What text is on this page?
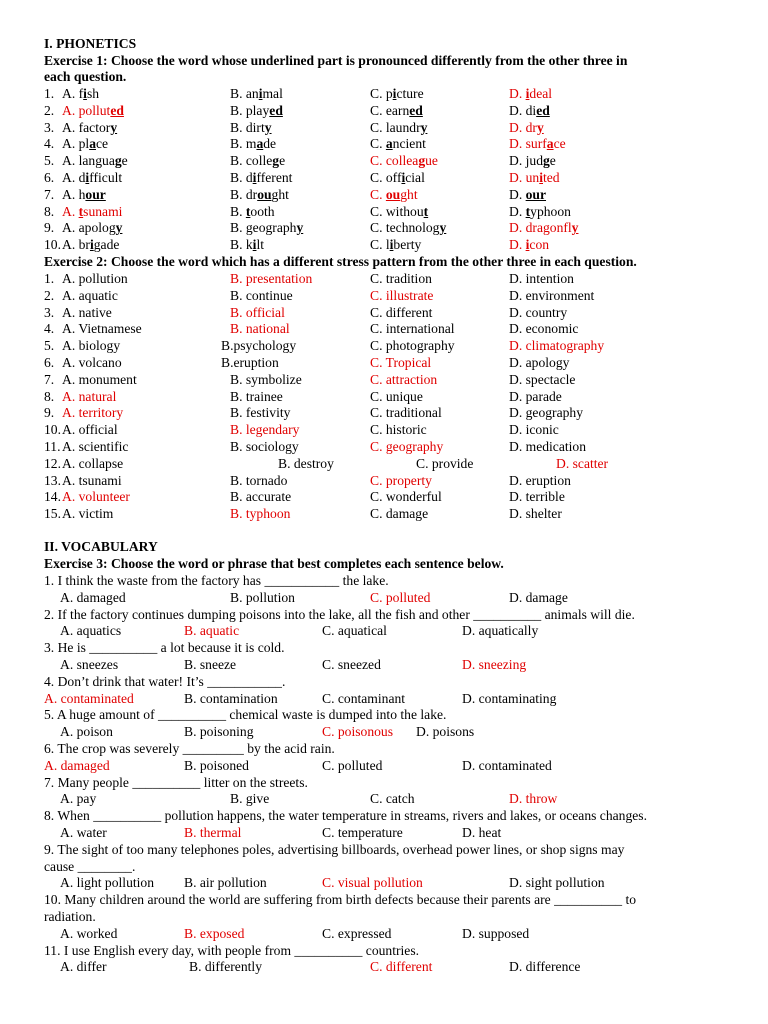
I. PHONETICS
Exercise 1: Choose the word whose underlined part is pronounced differently from the other three in
each question.
1. A. fish	B. animal	C. picture	D. ideal
2. A. polluted	B. played	C. earned	D. died
3. A. factory	B. dirty	C. laundry	D. dry
4. A. place	B. made	C. ancient	D. surface
5. A. language	B. college	C. colleague	D. judge
6. A. difficult	B. different	C. official	D. united
7. A. hour	B. drought	C. ought	D. our
8. A. tsunami	B. tooth	C. without	D. typhoon
9. A. apology	B. geography	C. technology	D. dragonfly
10. A. brigade	B. kilt	C. liberty	D. icon
Exercise 2: Choose the word which has a different stress pattern from the other three in each question.
1. A. pollution	B. presentation	C. tradition	D. intention
2. A. aquatic	B. continue	C. illustrate	D. environment
3. A. native	B. official	C. different	D. country
4. A. Vietnamese	B. national	C. international	D. economic
5. A. biology	B.psychology	C. photography	D. climatography
6. A. volcano	B.eruption	C. Tropical	D. apology
7. A. monument	B. symbolize	C. attraction	D. spectacle
8. A. natural	B. trainee	C. unique	D. parade
9. A. territory	B. festivity	C. traditional	D. geography
10. A. official	B. legendary	C. historic	D. iconic
11. A. scientific	B. sociology	C. geography	D. medication
12. A. collapse	B. destroy	C. provide	D. scatter
13. A. tsunami	B. tornado	C. property	D. eruption
14. A. volunteer	B. accurate	C. wonderful	D. terrible
15. A. victim	B. typhoon	C. damage	D. shelter
II. VOCABULARY
Exercise 3: Choose the word or phrase that best completes each sentence below.
1. I think the waste from the factory has ___________ the lake.
A. damaged	B. pollution	C. polluted	D. damage
2. If the factory continues dumping poisons into the lake, all the fish and other __________ animals will die.
A. aquatics	B. aquatic	C. aquatical	D. aquatically
3. He is __________ a lot because it is cold.
A. sneezes	B. sneeze	C. sneezed	D. sneezing
4. Don’t drink that water! It’s ___________.
A. contaminated	B. contamination	C. contaminant	D. contaminating
5. A huge amount of __________ chemical waste is dumped into the lake.
A. poison	B. poisoning	C. poisonous D. poisons
6. The crop was severely _________ by the acid rain.
A. damaged	B. poisoned	C. polluted	D. contaminated
7. Many people __________ litter on the streets.
A. pay	B. give	C. catch	D. throw
8. When __________ pollution happens, the water temperature in streams, rivers and lakes, or oceans changes.
A. water	B. thermal	C. temperature	D. heat
9. The sight of too many telephones poles, advertising billboards, overhead power lines, or shop signs may
cause ________.
A. light pollution B. air pollution	C. visual pollution	D. sight pollution
10. Many children around the world are suffering from birth defects because their parents are __________ to
radiation.
A. worked	B. exposed	C. expressed	D. supposed
11. I use English every day, with people from __________ countries.
A. differ	B. differently	C. different	D. difference
